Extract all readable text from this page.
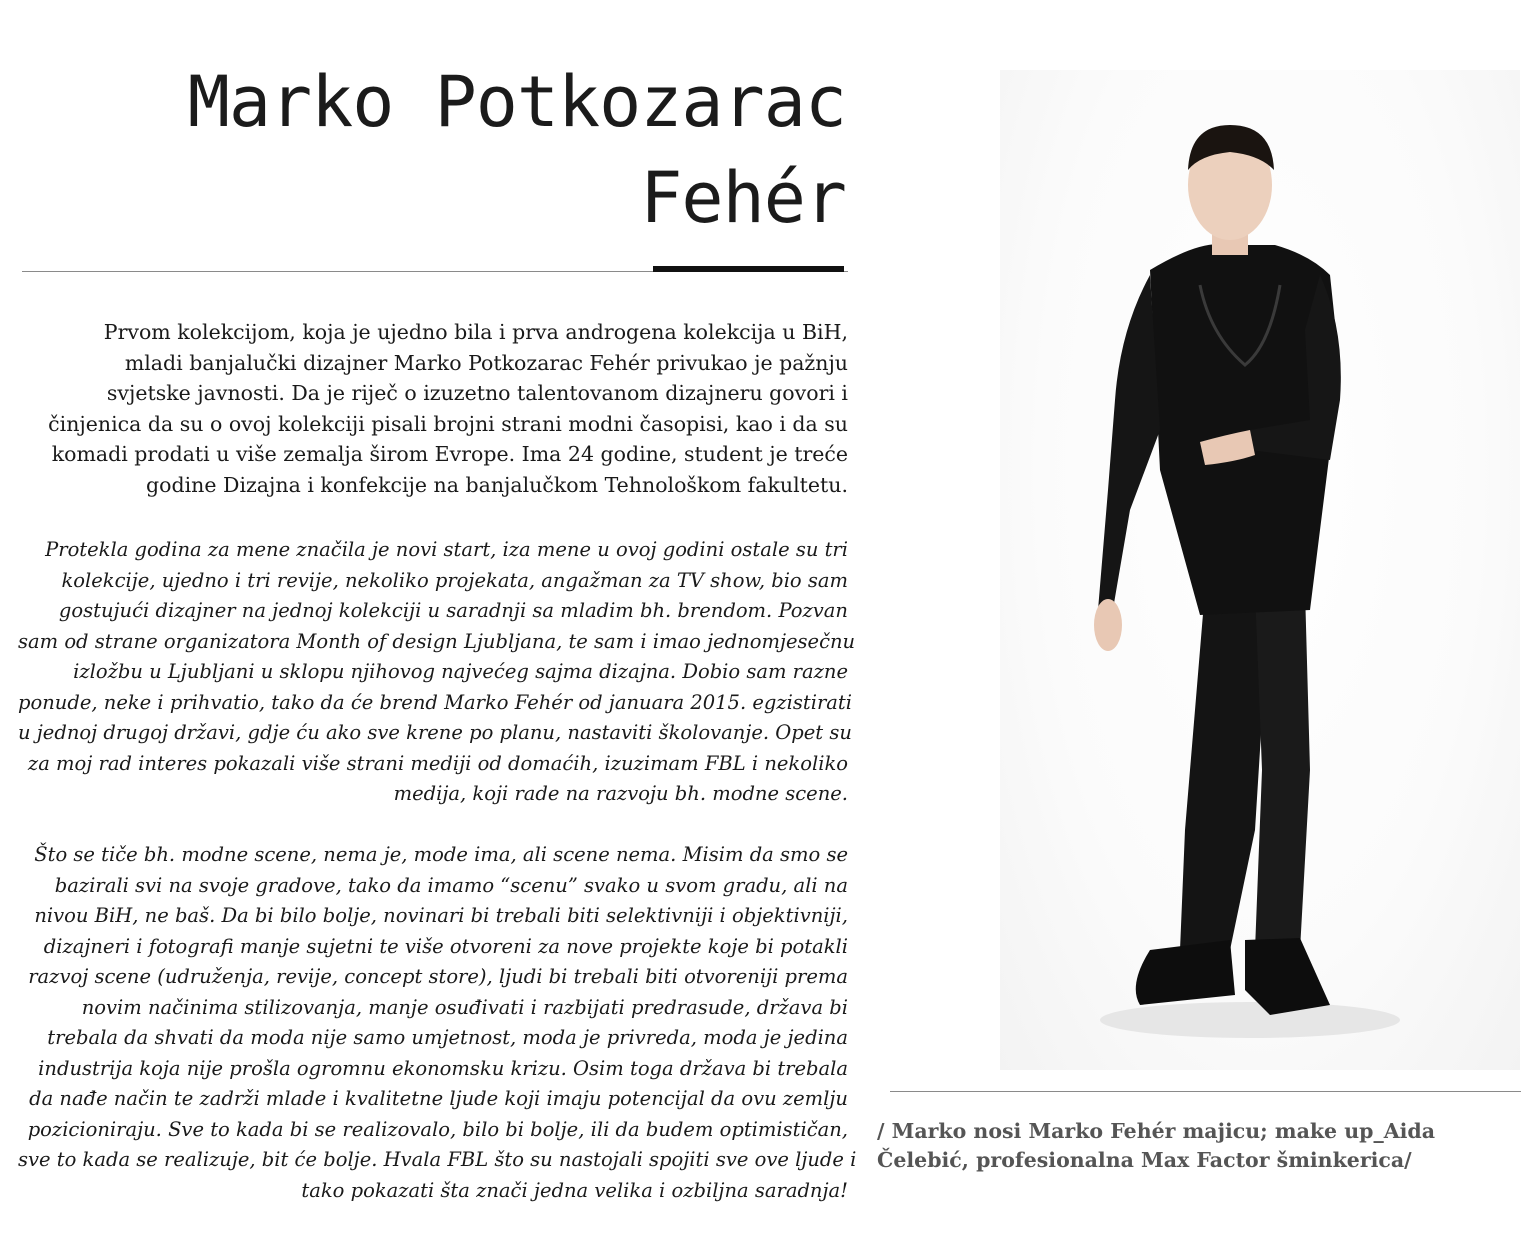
Marko Potkozarac
Fehér

Prvom kolekcijom, koja je ujedno bila i prva androgena kolekcija u BiH,
mladi banjalučki dizajner Marko Potkozarac Fehér privukao je pažnju
svjetske javnosti. Da je riječ o izuzetno talentovanom dizajneru govori i
činjenica da su o ovoj kolekciji pisali brojni strani modni časopisi, kao i da su
komadi prodati u više zemalja širom Evrope. Ima 24 godine, student je treće
godine Dizajna i konfekcije na banjalučkom Tehnološkom fakultetu.

Protekla godina za mene značila je novi start, iza mene u ovoj godini ostale su tri
kolekcije, ujedno i tri revije, nekoliko projekata, angažman za TV show, bio sam
gostujući dizajner na jednoj kolekciji u saradnji sa mladim bh. brendom. Pozvan
sam od strane organizatora Month of design Ljubljana, te sam i imao jednomjesečnu
izložbu u Ljubljani u sklopu njihovog najvećeg sajma dizajna. Dobio sam razne
ponude, neke i prihvatio, tako da će brend Marko Fehér od januara 2015. egzistirati
u jednoj drugoj državi, gdje ću ako sve krene po planu, nastaviti školovanje. Opet su
za moj rad interes pokazali više strani mediji od domaćih, izuzimam FBL i nekoliko
medija, koji rade na razvoju bh. modne scene.

Što se tiče bh. modne scene, nema je, mode ima, ali scene nema. Misim da smo se
bazirali svi na svoje gradove, tako da imamo “scenu” svako u svom gradu, ali na
nivou BiH, ne baš. Da bi bilo bolje, novinari bi trebali biti selektivniji i objektivniji,
dizajneri i fotografi manje sujetni te više otvoreni za nove projekte koje bi potakli
razvoj scene (udruženja, revije, concept store), ljudi bi trebali biti otvoreniji prema
novim načinima stilizovanja, manje osuđivati i razbijati predrasude, država bi
trebala da shvati da moda nije samo umjetnost, moda je privreda, moda je jedina
industrija koja nije prošla ogromnu ekonomsku krizu. Osim toga država bi trebala
da nađe način te zadrži mlade i kvalitetne ljude koji imaju potencijal da ovu zemlju
pozicioniraju. Sve to kada bi se realizovalo, bilo bi bolje, ili da budem optimističan,
sve to kada se realizuje, bit će bolje. Hvala FBL što su nastojali spojiti sve ove ljude i
tako pokazati šta znači jedna velika i ozbiljna saradnja!

/ Marko nosi Marko Fehér majicu; make up_Aida
Čelebić, profesionalna Max Factor šminkerica/
